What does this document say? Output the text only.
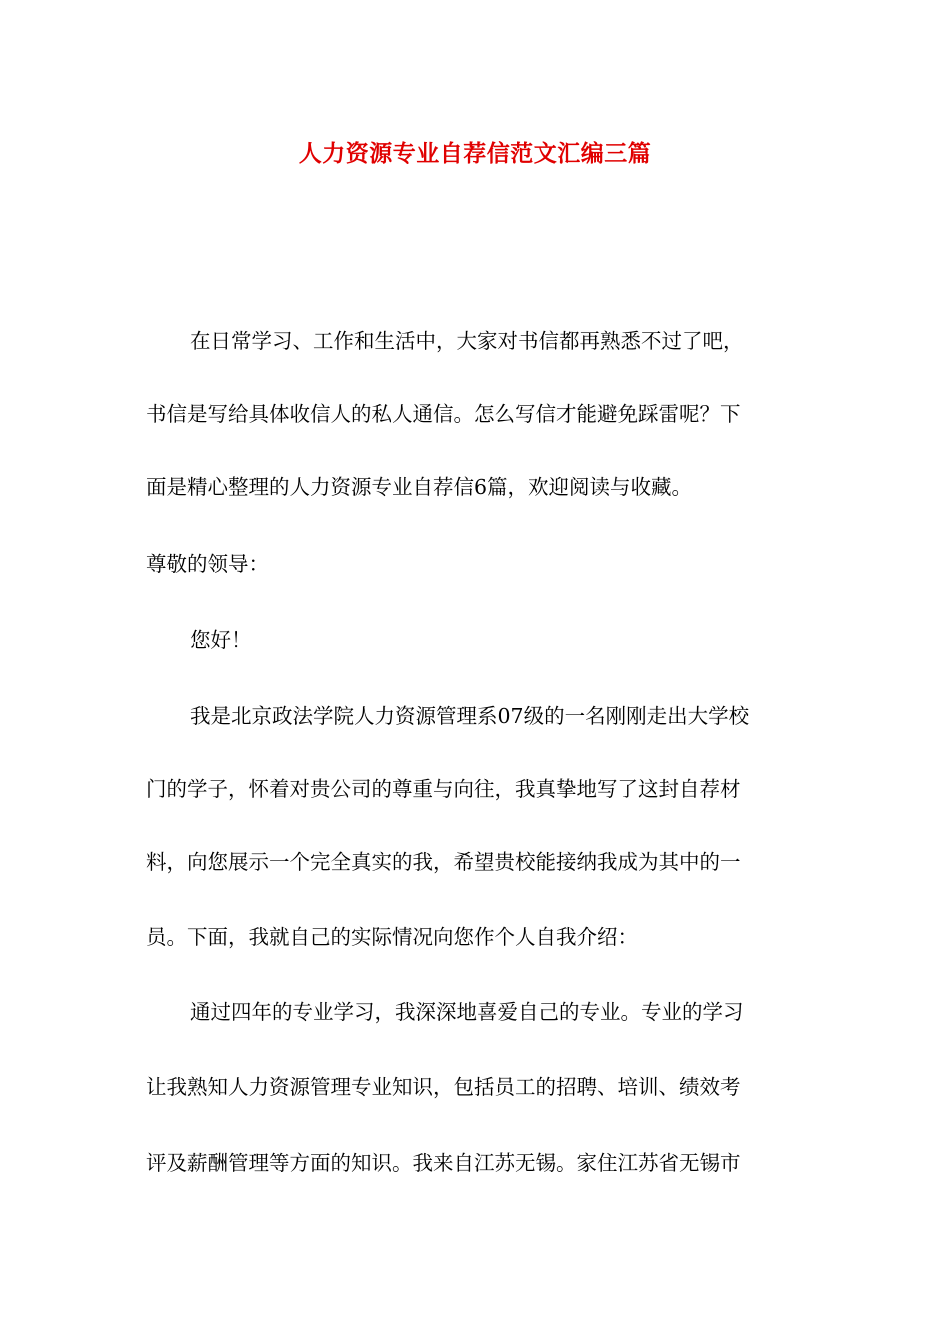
人力资源专业自荐信范文汇编三篇
在日常学习、工作和生活中，大家对书信都再熟悉不过了吧，
书信是写给具体收信人的私人通信。怎么写信才能避免踩雷呢？下
面是精心整理的人力资源专业自荐信6篇，欢迎阅读与收藏。
尊敬的领导：
您好！
我是北京政法学院人力资源管理系07级的一名刚刚走出大学校
门的学子，怀着对贵公司的尊重与向往，我真挚地写了这封自荐材
料，向您展示一个完全真实的我，希望贵校能接纳我成为其中的一
员。下面，我就自己的实际情况向您作个人自我介绍：
通过四年的专业学习，我深深地喜爱自己的专业。专业的学习
让我熟知人力资源管理专业知识，包括员工的招聘、培训、绩效考
评及薪酬管理等方面的知识。我来自江苏无锡。家住江苏省无锡市
